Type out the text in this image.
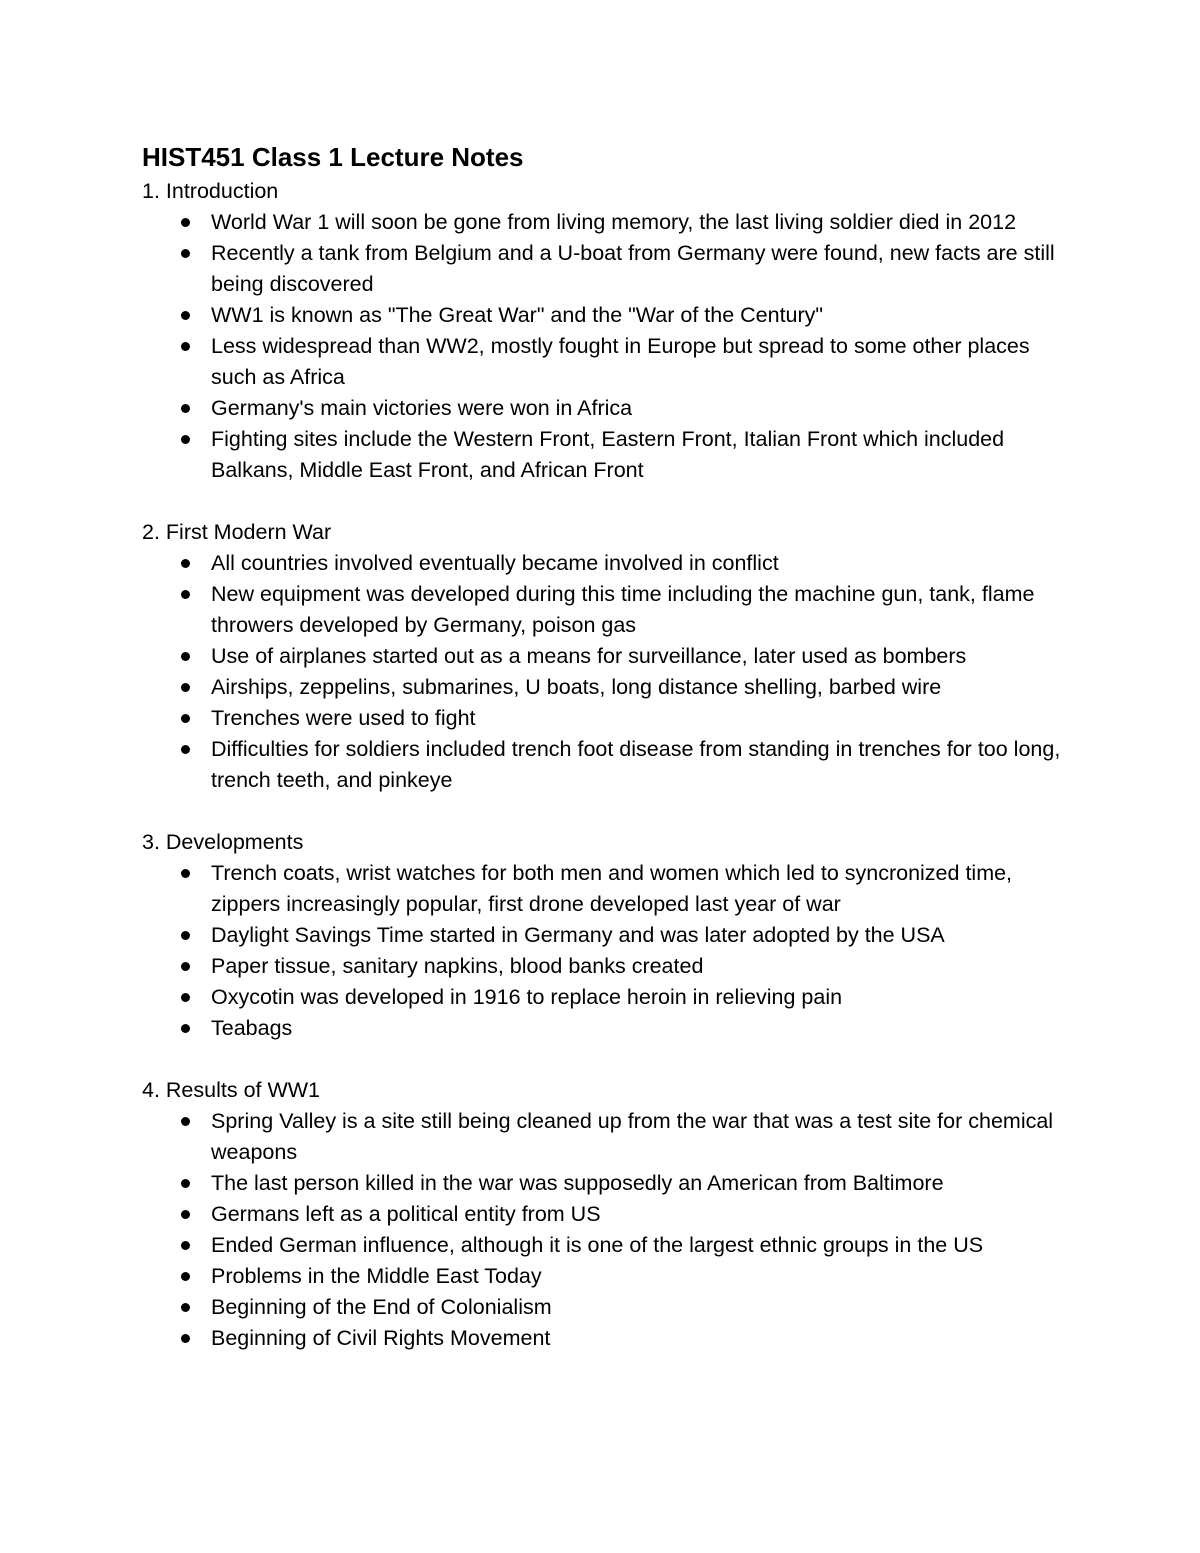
HIST451 Class 1 Lecture Notes

1. Introduction

World War 1 will soon be gone from living memory, the last living soldier died in 2012
Recently a tank from Belgium and a U-boat from Germany were found, new facts are still being discovered
WW1 is known as "The Great War" and the "War of the Century"
Less widespread than WW2, mostly fought in Europe but spread to some other places such as Africa
Germany's main victories were won in Africa
Fighting sites include the Western Front, Eastern Front, Italian Front which included Balkans, Middle East Front, and African Front

2. First Modern War

All countries involved eventually became involved in conflict
New equipment was developed during this time including the machine gun, tank, flame throwers developed by Germany, poison gas
Use of airplanes started out as a means for surveillance, later used as bombers
Airships, zeppelins, submarines, U boats, long distance shelling, barbed wire
Trenches were used to fight
Difficulties for soldiers included trench foot disease from standing in trenches for too long, trench teeth, and pinkeye

3. Developments

Trench coats, wrist watches for both men and women which led to syncronized time, zippers increasingly popular, first drone developed last year of war
Daylight Savings Time started in Germany and was later adopted by the USA
Paper tissue, sanitary napkins, blood banks created
Oxycotin was developed in 1916 to replace heroin in relieving pain
Teabags

4. Results of WW1

Spring Valley is a site still being cleaned up from the war that was a test site for chemical weapons
The last person killed in the war was supposedly an American from Baltimore
Germans left as a political entity from US
Ended German influence, although it is one of the largest ethnic groups in the US
Problems in the Middle East Today
Beginning of the End of Colonialism
Beginning of Civil Rights Movement
